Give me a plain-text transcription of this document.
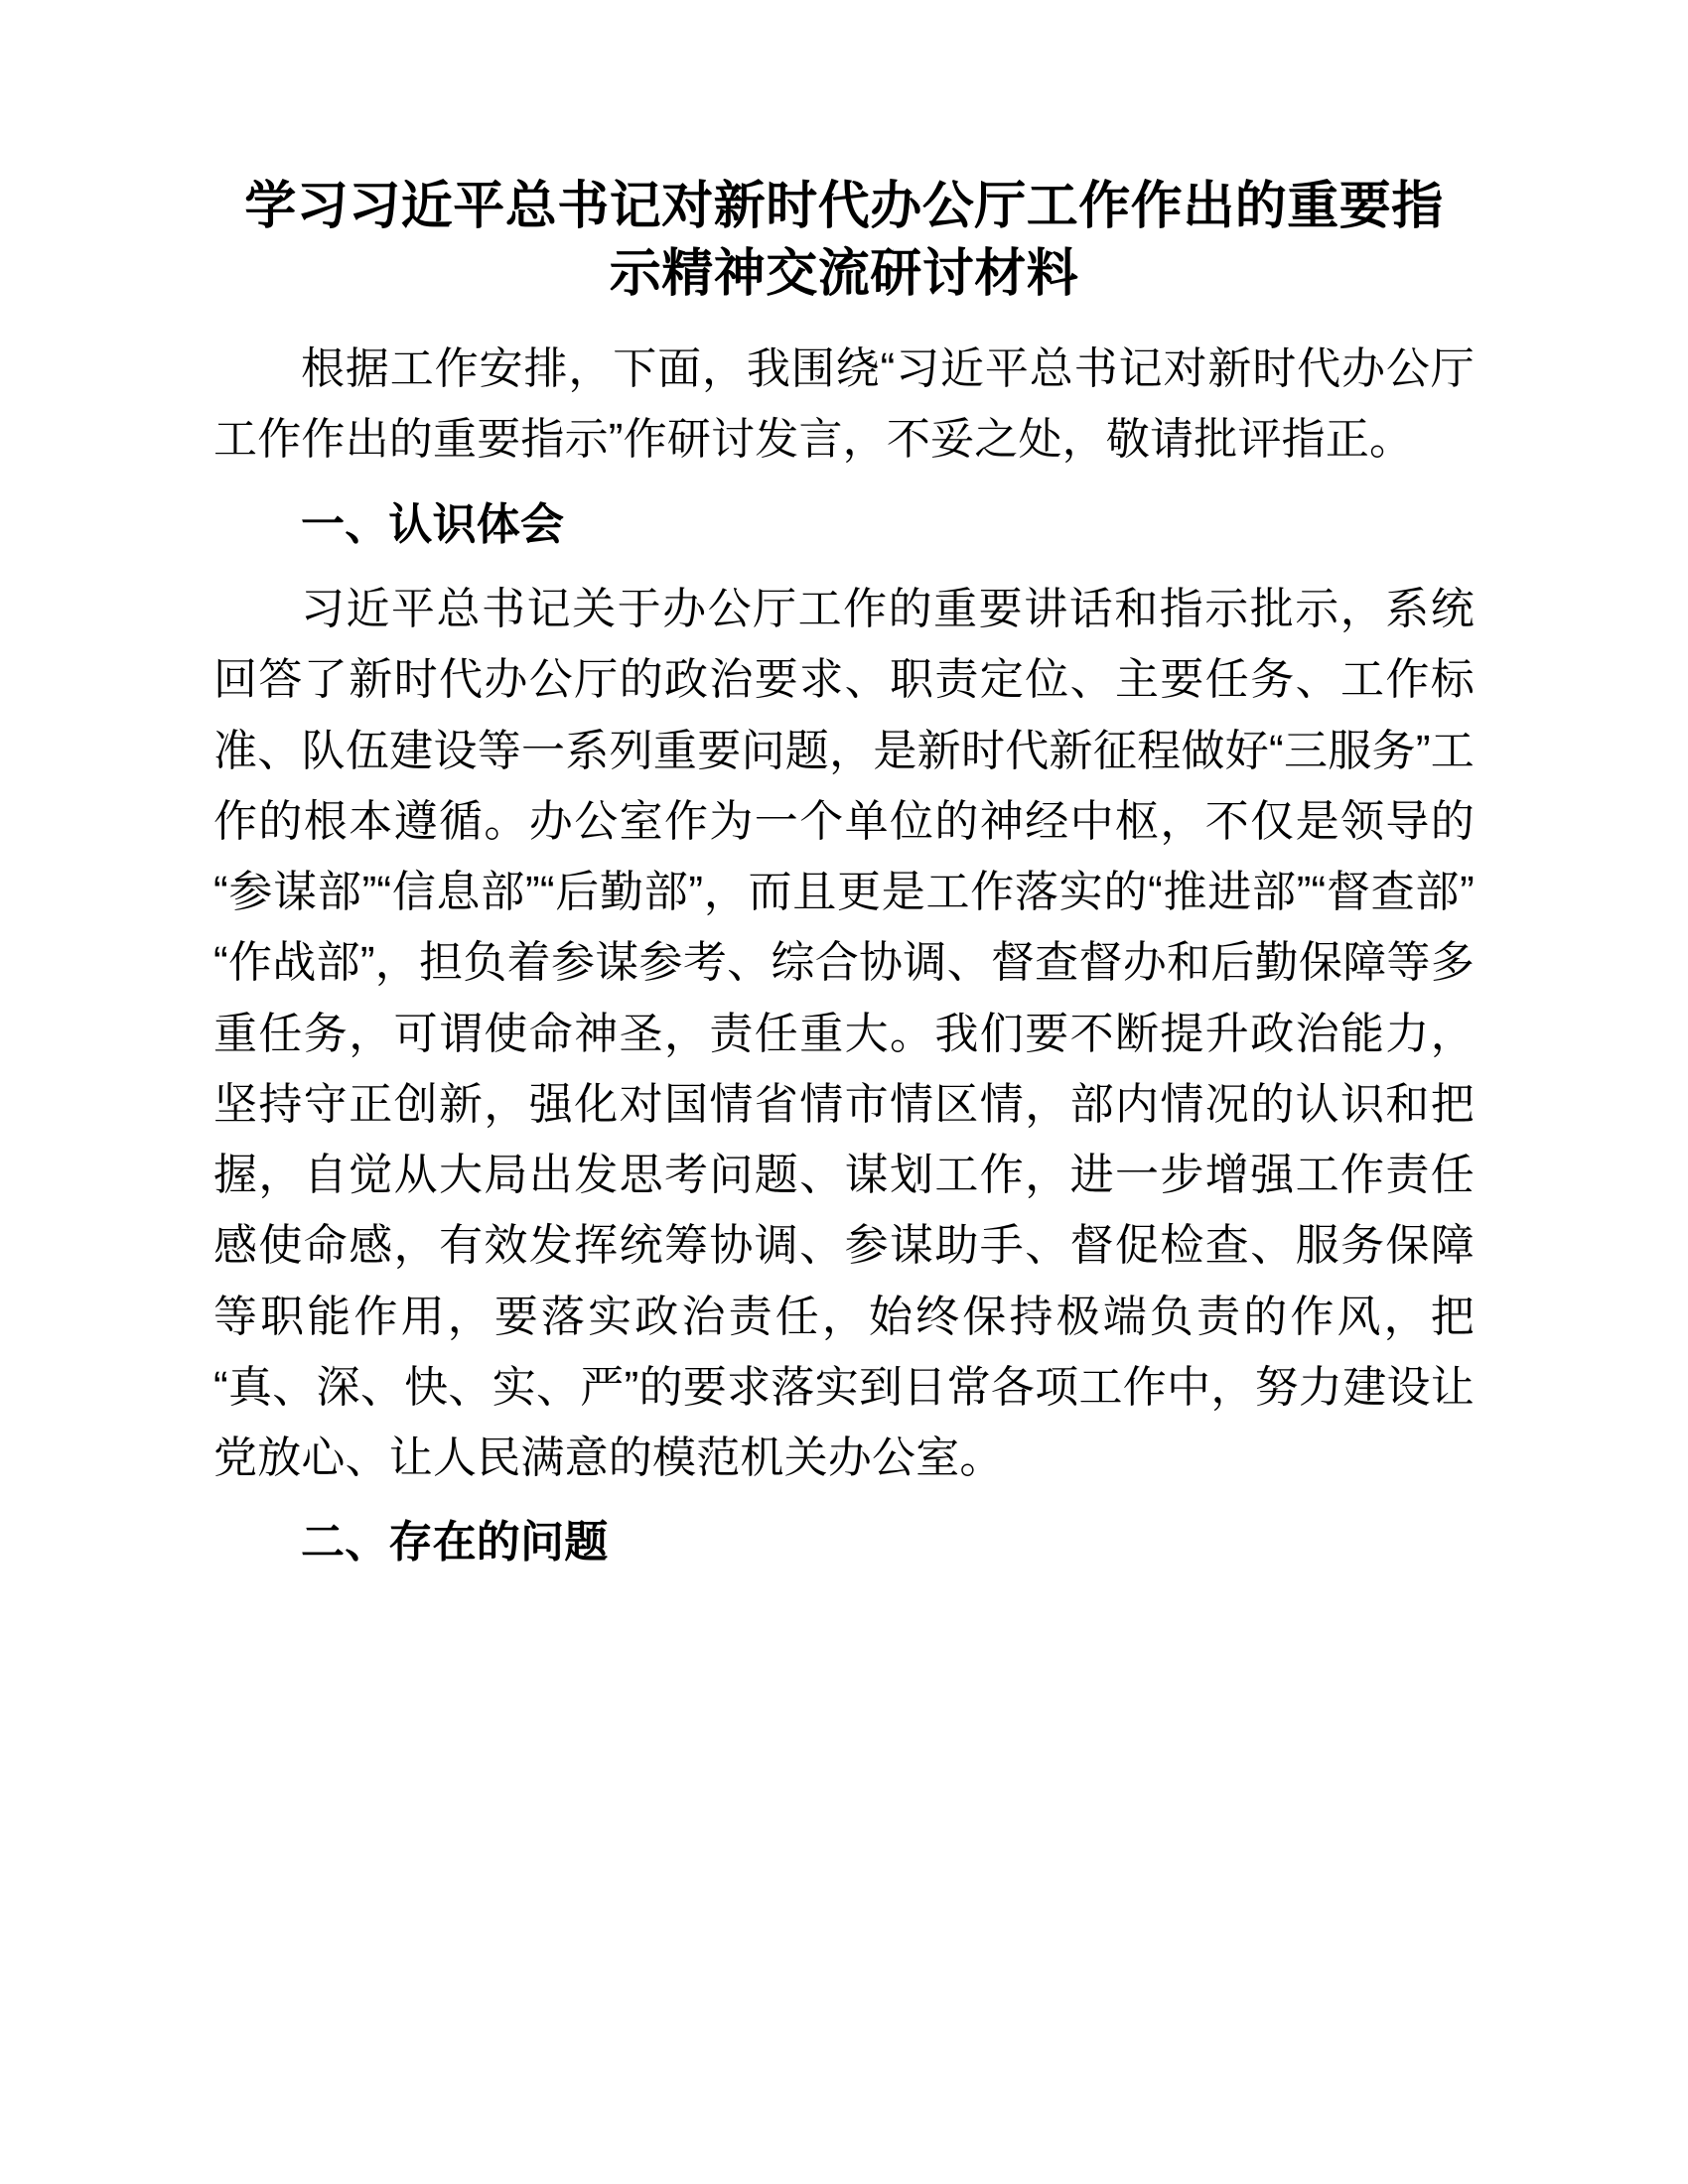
学习习近平总书记对新时代办公厅工作作出的重要指示精神交流研讨材料

根据工作安排，下面，我围绕“习近平总书记对新时代办公厅工作作出的重要指示”作研讨发言，不妥之处，敬请批评指正。

一、认识体会

习近平总书记关于办公厅工作的重要讲话和指示批示，系统回答了新时代办公厅的政治要求、职责定位、主要任务、工作标准、队伍建设等一系列重要问题，是新时代新征程做好“三服务”工作的根本遵循。办公室作为一个单位的神经中枢，不仅是领导的“参谋部”“信息部”“后勤部”，而且更是工作落实的“推进部”“督查部”“作战部”，担负着参谋参考、综合协调、督查督办和后勤保障等多重任务，可谓使命神圣，责任重大。我们要不断提升政治能力，坚持守正创新，强化对国情省情市情区情，部内情况的认识和把握，自觉从大局出发思考问题、谋划工作，进一步增强工作责任感使命感，有效发挥统筹协调、参谋助手、督促检查、服务保障等职能作用，要落实政治责任，始终保持极端负责的作风，把“真、深、快、实、严”的要求落实到日常各项工作中，努力建设让党放心、让人民满意的模范机关办公室。

二、存在的问题
